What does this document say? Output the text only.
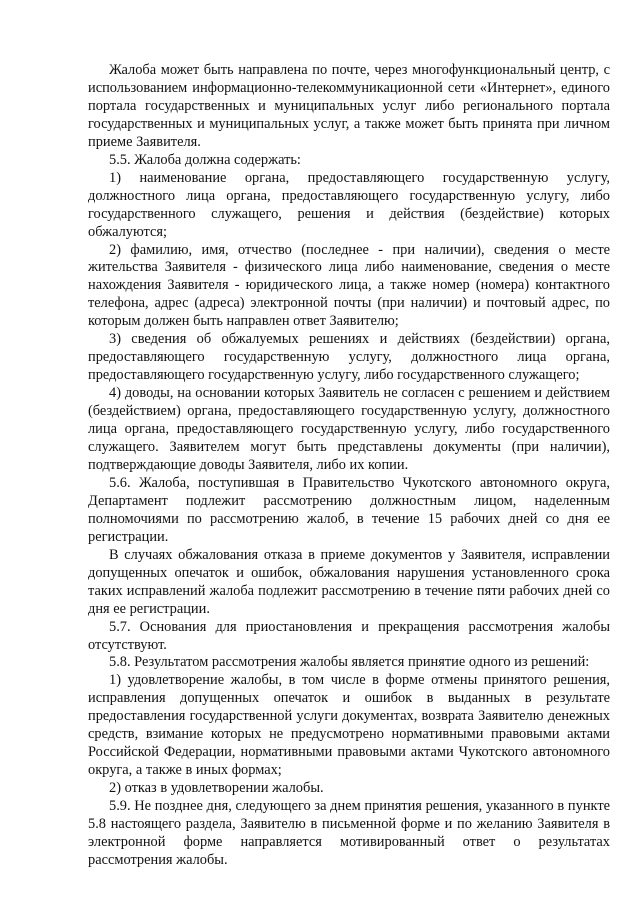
Жалоба может быть направлена по почте, через многофункциональный центр, с использованием информационно-телекоммуникационной сети «Интернет», единого портала государственных и муниципальных услуг либо регионального портала государственных и муниципальных услуг, а также может быть принята при личном приеме Заявителя.

5.5. Жалоба должна содержать:

1) наименование органа, предоставляющего государственную услугу, должностного лица органа, предоставляющего государственную услугу, либо государственного служащего, решения и действия (бездействие) которых обжалуются;

2) фамилию, имя, отчество (последнее - при наличии), сведения о месте жительства Заявителя - физического лица либо наименование, сведения о месте нахождения Заявителя - юридического лица, а также номер (номера) контактного телефона, адрес (адреса) электронной почты (при наличии) и почтовый адрес, по которым должен быть направлен ответ Заявителю;

3) сведения об обжалуемых решениях и действиях (бездействии) органа, предоставляющего государственную услугу, должностного лица органа, предоставляющего государственную услугу, либо государственного служащего;

4) доводы, на основании которых Заявитель не согласен с решением и действием (бездействием) органа, предоставляющего государственную услугу, должностного лица органа, предоставляющего государственную услугу, либо государственного служащего. Заявителем могут быть представлены документы (при наличии), подтверждающие доводы Заявителя, либо их копии.

5.6. Жалоба, поступившая в Правительство Чукотского автономного округа, Департамент подлежит рассмотрению должностным лицом, наделенным полномочиями по рассмотрению жалоб, в течение 15 рабочих дней со дня ее регистрации.

В случаях обжалования отказа в приеме документов у Заявителя, исправлении допущенных опечаток и ошибок, обжалования нарушения установленного срока таких исправлений жалоба подлежит рассмотрению в течение пяти рабочих дней со дня ее регистрации.

5.7. Основания для приостановления и прекращения рассмотрения жалобы отсутствуют.

5.8. Результатом рассмотрения жалобы является принятие одного из решений:

1) удовлетворение жалобы, в том числе в форме отмены принятого решения, исправления допущенных опечаток и ошибок в выданных в результате предоставления государственной услуги документах, возврата Заявителю денежных средств, взимание которых не предусмотрено нормативными правовыми актами Российской Федерации, нормативными правовыми актами Чукотского автономного округа, а также в иных формах;

2) отказ в удовлетворении жалобы.

5.9. Не позднее дня, следующего за днем принятия решения, указанного в пункте 5.8 настоящего раздела, Заявителю в письменной форме и по желанию Заявителя в электронной форме направляется мотивированный ответ о результатах рассмотрения жалобы.
